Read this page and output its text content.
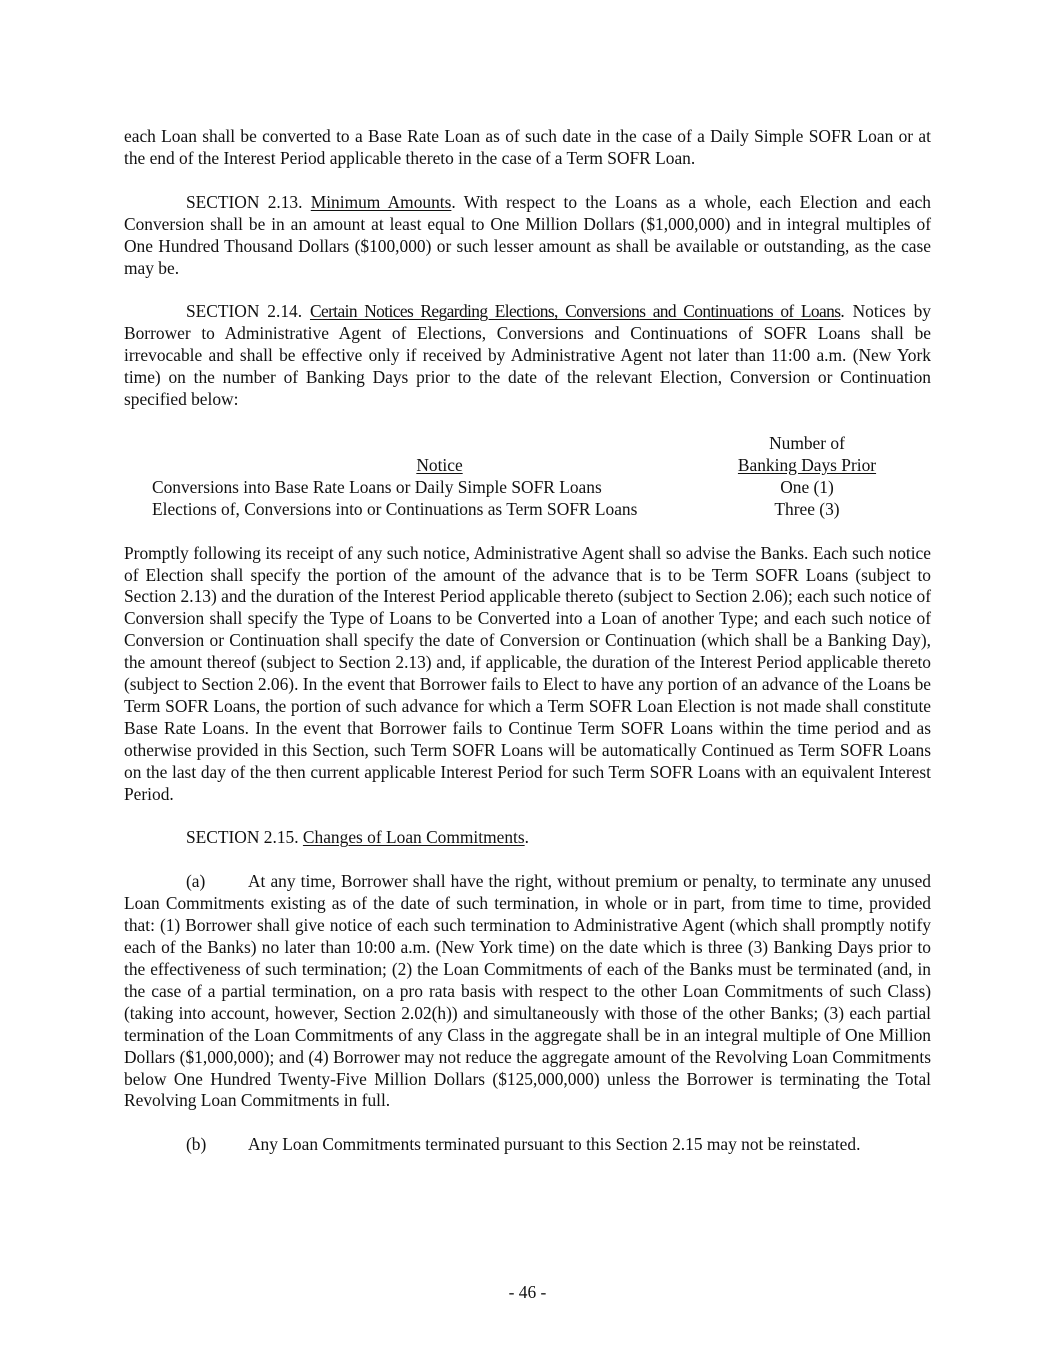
each Loan shall be converted to a Base Rate Loan as of such date in the case of a Daily Simple SOFR Loan or at the end of the Interest Period applicable thereto in the case of a Term SOFR Loan.

SECTION 2.13. Minimum Amounts. With respect to the Loans as a whole, each Election and each Conversion shall be in an amount at least equal to One Million Dollars ($1,000,000) and in integral multiples of One Hundred Thousand Dollars ($100,000) or such lesser amount as shall be available or outstanding, as the case may be.

SECTION 2.14. Certain Notices Regarding Elections, Conversions and Continuations of Loans. Notices by Borrower to Administrative Agent of Elections, Conversions and Continuations of SOFR Loans shall be irrevocable and shall be effective only if received by Administrative Agent not later than 11:00 a.m. (New York time) on the number of Banking Days prior to the date of the relevant Election, Conversion or Continuation specified below:

	Number of
Notice	Banking Days Prior
Conversions into Base Rate Loans or Daily Simple SOFR Loans	One (1)
Elections of, Conversions into or Continuations as Term SOFR Loans	Three (3)

Promptly following its receipt of any such notice, Administrative Agent shall so advise the Banks. Each such notice of Election shall specify the portion of the amount of the advance that is to be Term SOFR Loans (subject to Section 2.13) and the duration of the Interest Period applicable thereto (subject to Section 2.06); each such notice of Conversion shall specify the Type of Loans to be Converted into a Loan of another Type; and each such notice of Conversion or Continuation shall specify the date of Conversion or Continuation (which shall be a Banking Day), the amount thereof (subject to Section 2.13) and, if applicable, the duration of the Interest Period applicable thereto (subject to Section 2.06). In the event that Borrower fails to Elect to have any portion of an advance of the Loans be Term SOFR Loans, the portion of such advance for which a Term SOFR Loan Election is not made shall constitute Base Rate Loans. In the event that Borrower fails to Continue Term SOFR Loans within the time period and as otherwise provided in this Section, such Term SOFR Loans will be automatically Continued as Term SOFR Loans on the last day of the then current applicable Interest Period for such Term SOFR Loans with an equivalent Interest Period.

SECTION 2.15. Changes of Loan Commitments.

(a) At any time, Borrower shall have the right, without premium or penalty, to terminate any unused Loan Commitments existing as of the date of such termination, in whole or in part, from time to time, provided that: (1) Borrower shall give notice of each such termination to Administrative Agent (which shall promptly notify each of the Banks) no later than 10:00 a.m. (New York time) on the date which is three (3) Banking Days prior to the effectiveness of such termination; (2) the Loan Commitments of each of the Banks must be terminated (and, in the case of a partial termination, on a pro rata basis with respect to the other Loan Commitments of such Class) (taking into account, however, Section 2.02(h)) and simultaneously with those of the other Banks; (3) each partial termination of the Loan Commitments of any Class in the aggregate shall be in an integral multiple of One Million Dollars ($1,000,000); and (4) Borrower may not reduce the aggregate amount of the Revolving Loan Commitments below One Hundred Twenty-Five Million Dollars ($125,000,000) unless the Borrower is terminating the Total Revolving Loan Commitments in full.

(b) Any Loan Commitments terminated pursuant to this Section 2.15 may not be reinstated.

- 46 -
